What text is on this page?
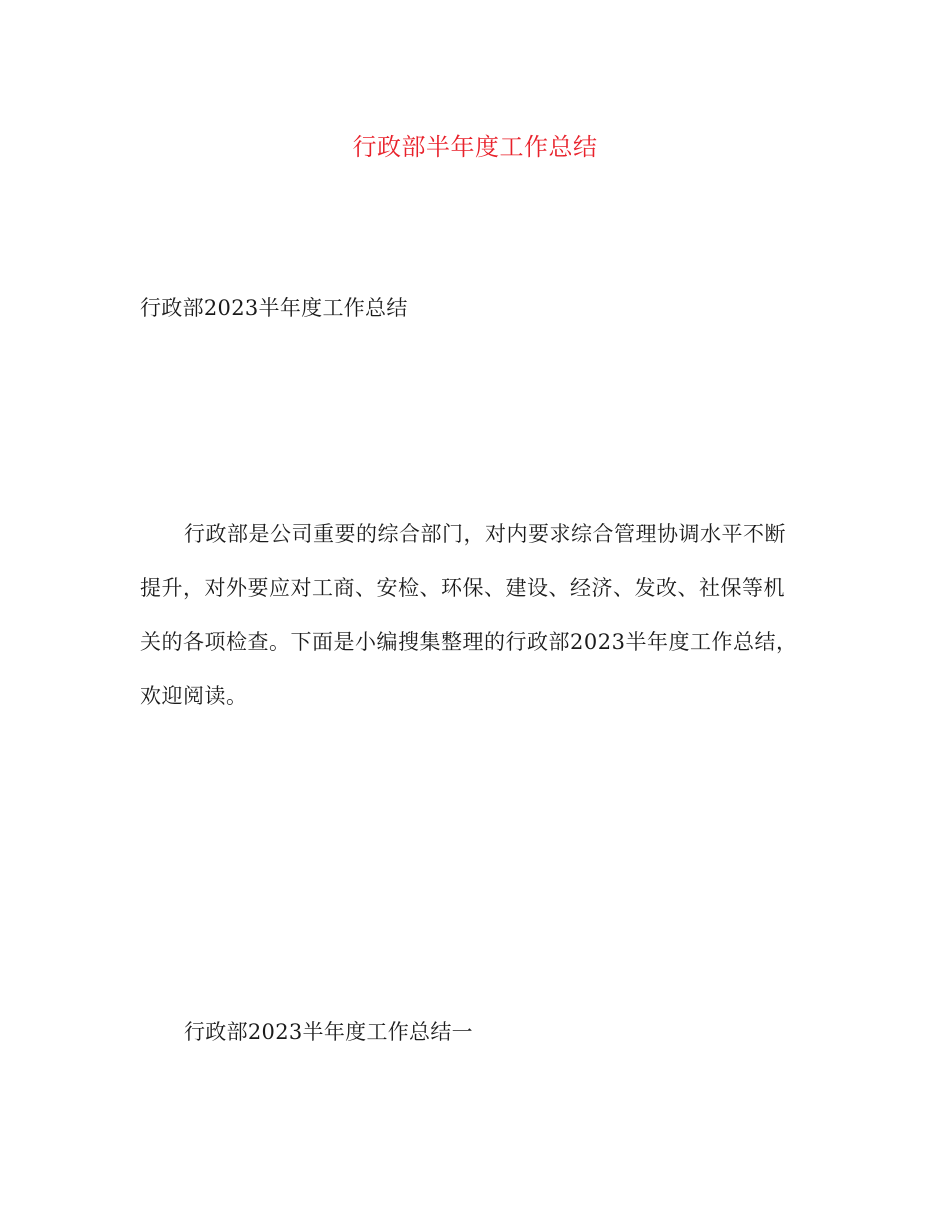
行政部半年度工作总结
行政部2023半年度工作总结

行政部是公司重要的综合部门，对内要求综合管理协调水平不断
提升，对外要应对工商、安检、环保、建设、经济、发改、社保等机
关的各项检查。下面是小编搜集整理的行政部2023半年度工作总结，
欢迎阅读。

行政部2023半年度工作总结一
